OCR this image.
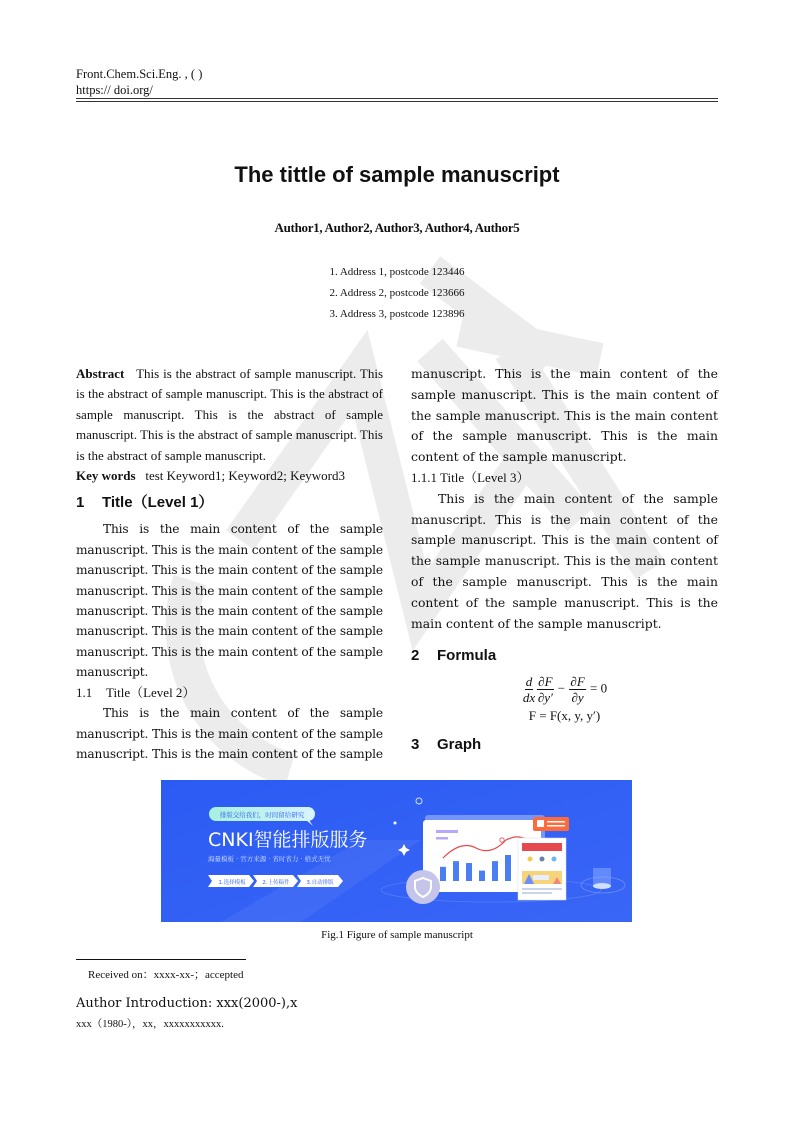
Front.Chem.Sci.Eng. , ( )
https:// doi.org/
The tittle of sample manuscript
Author1, Author2, Author3, Author4, Author5
1. Address 1, postcode 123446
2. Address 2, postcode 123666
3. Address 3, postcode 123896
Abstract This is the abstract of sample manuscript. This is the abstract of sample manuscript. This is the abstract of sample manuscript. This is the abstract of sample manuscript. This is the abstract of sample manuscript. This is the abstract of sample manuscript.
Key words test Keyword1; Keyword2; Keyword3
1 Title（Level 1）
This is the main content of the sample manuscript. This is the main content of the sample manuscript. This is the main content of the sample manuscript. This is the main content of the sample manuscript. This is the main content of the sample manuscript. This is the main content of the sample manuscript. This is the main content of the sample manuscript.
1.1 Title（Level 2）
This is the main content of the sample manuscript. This is the main content of the sample manuscript. This is the main content of the sample
manuscript. This is the main content of the sample manuscript. This is the main content of the sample manuscript. This is the main content of the sample manuscript. This is the main content of the sample manuscript.
1.1.1 Title（Level 3）
This is the main content of the sample manuscript. This is the main content of the sample manuscript. This is the main content of the sample manuscript. This is the main content of the sample manuscript. This is the main content of the sample manuscript. This is the main content of the sample manuscript.
2 Formula
$\frac{d}{dx} \frac{\partial F}{\partial y'} - \frac{\partial F}{\partial y} = 0$
F = F(x, y, y′)
3 Graph
排版交给我们，时间留给研究
CNKI智能排版服务
海量模板 · 官方来源 · 省时省力 · 格式无忧
1.选择模板	2.上传稿件	3.自动排版
Fig.1 Figure of sample manuscript
Received on：xxxx-xx-；accepted
Author Introduction: xxx(2000-),x
xxx（1980-），xx，xxxxxxxxxxx.
